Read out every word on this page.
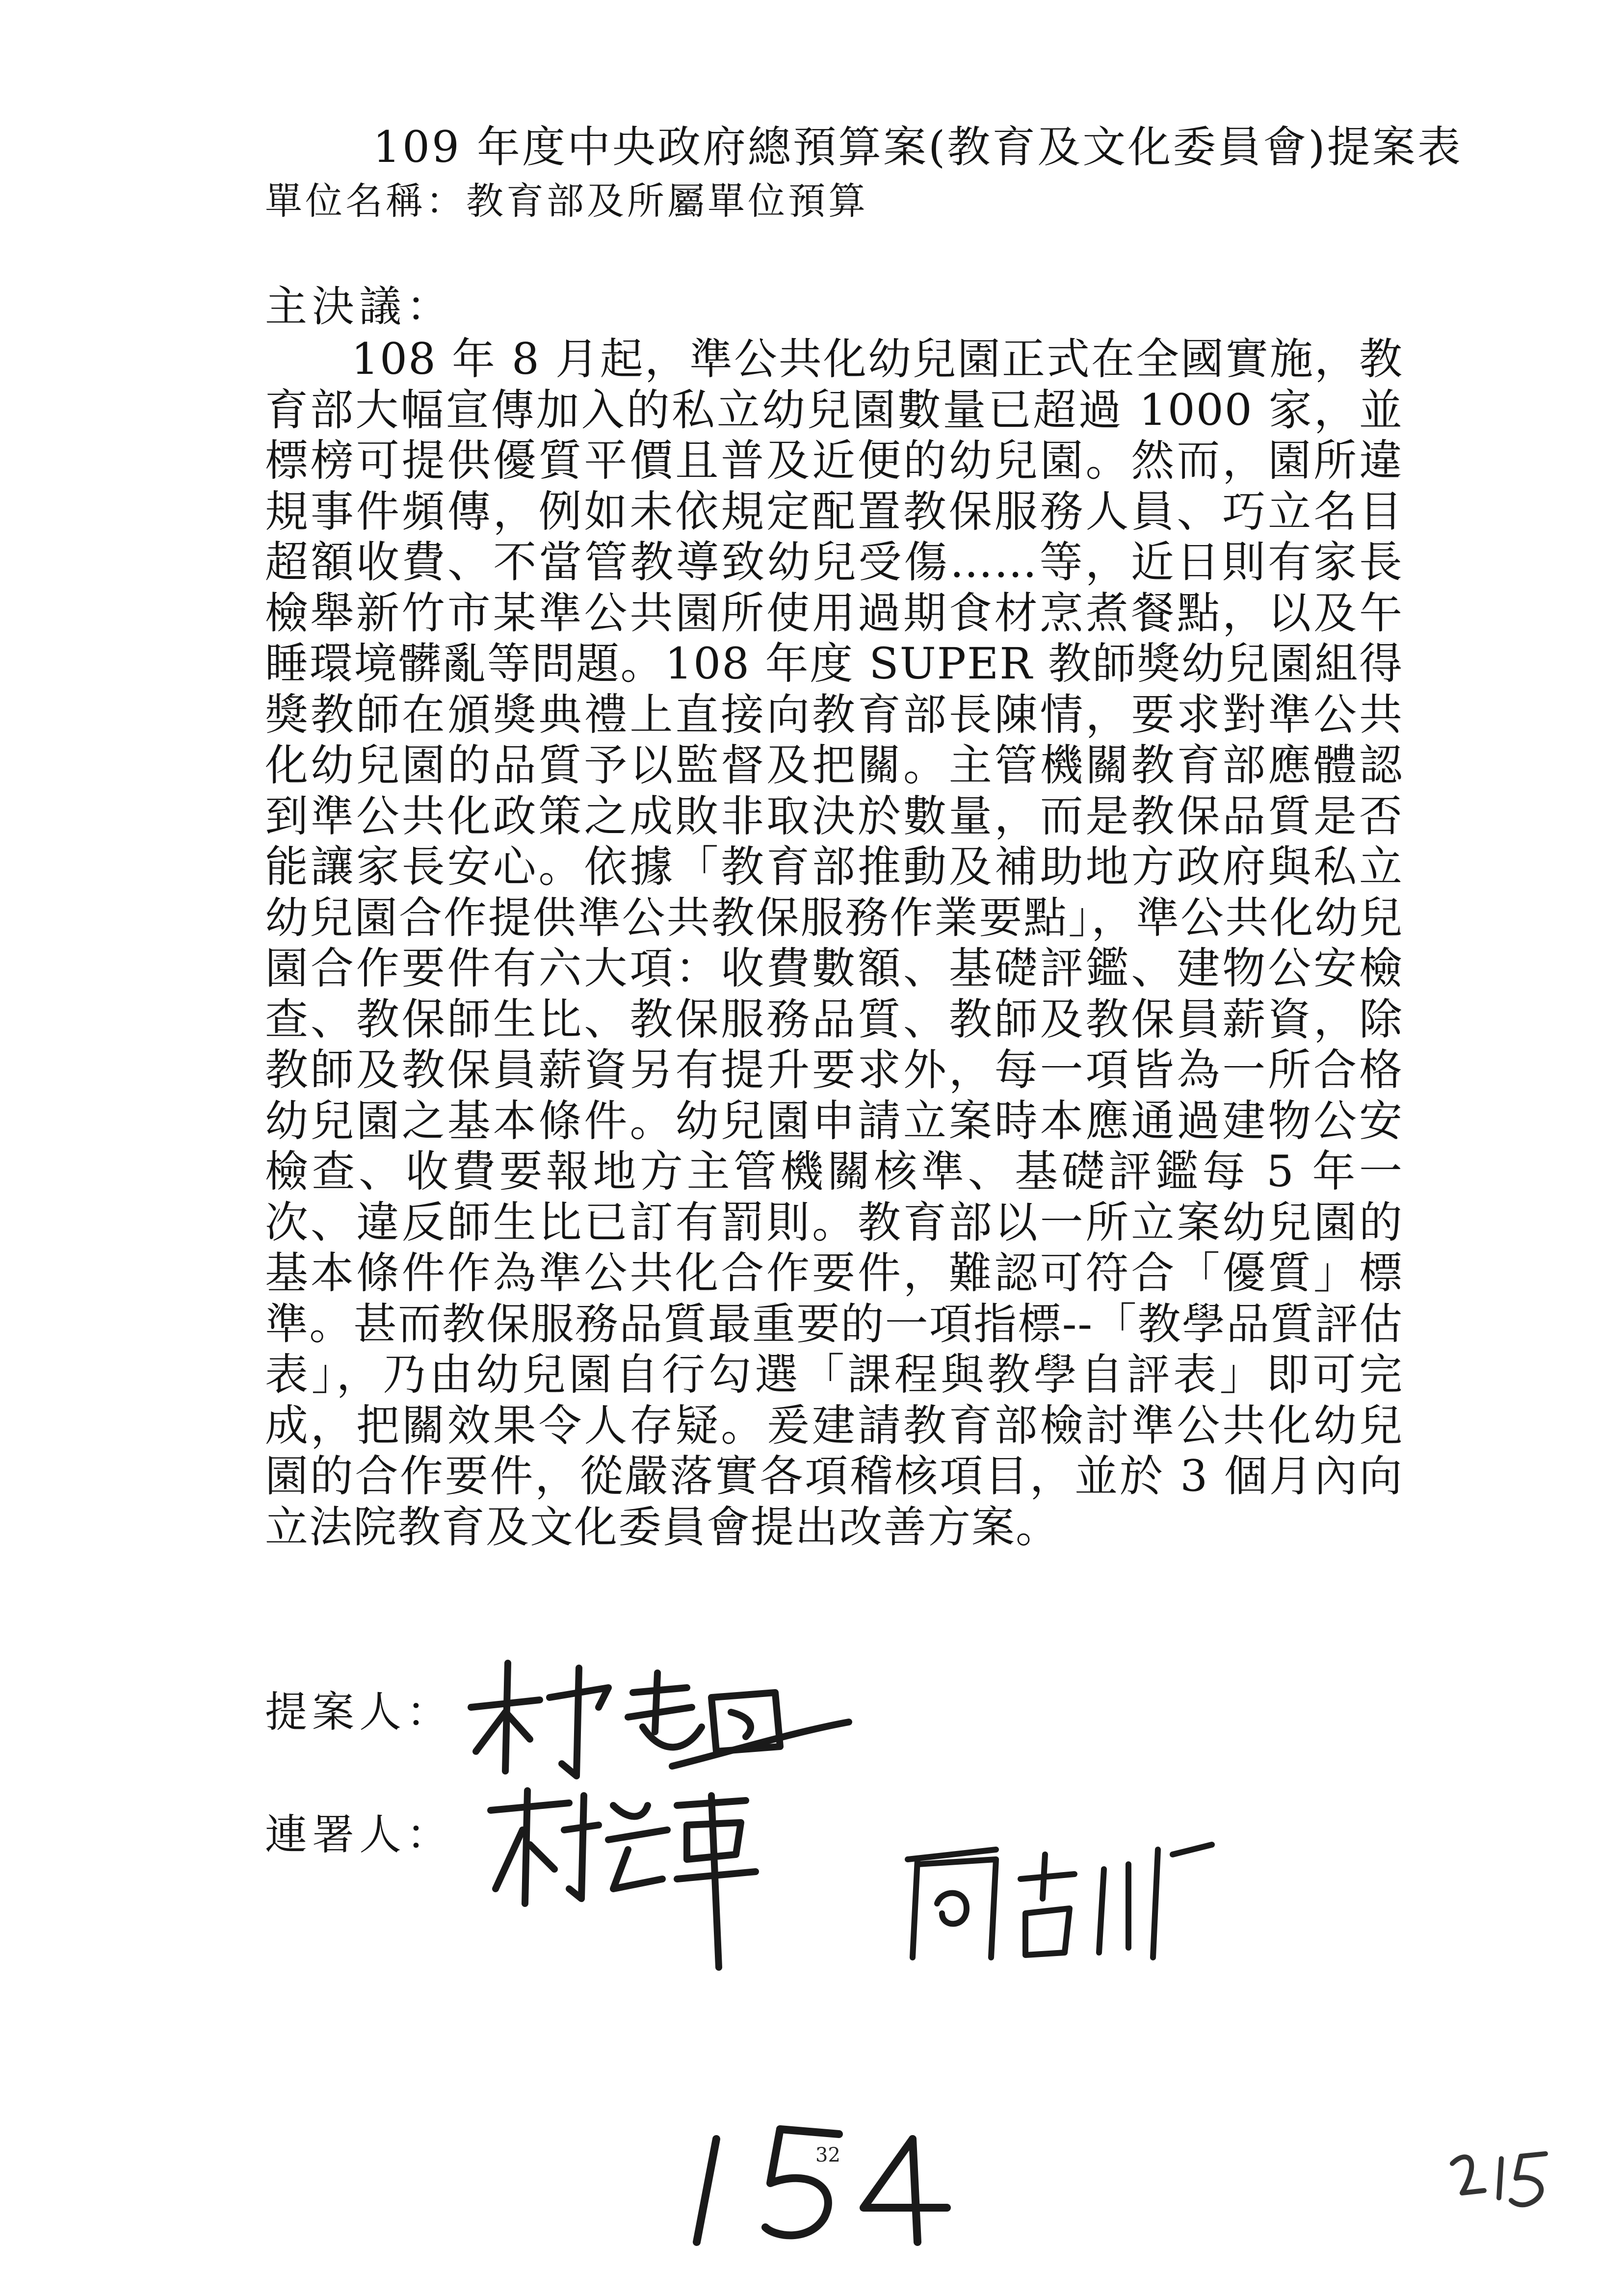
109 年度中央政府總預算案(教育及文化委員會)提案表
單位名稱：教育部及所屬單位預算
主決議：
108 年 8 月起，準公共化幼兒園正式在全國實施，教育部大幅宣傳加入的私立幼兒園數量已超過 1000 家，並標榜可提供優質平價且普及近便的幼兒園。然而，園所違規事件頻傳，例如未依規定配置教保服務人員、巧立名目超額收費、不當管教導致幼兒受傷……等，近日則有家長檢舉新竹市某準公共園所使用過期食材烹煮餐點，以及午睡環境髒亂等問題。108 年度 SUPER 教師獎幼兒園組得獎教師在頒獎典禮上直接向教育部長陳情，要求對準公共化幼兒園的品質予以監督及把關。主管機關教育部應體認到準公共化政策之成敗非取決於數量，而是教保品質是否能讓家長安心。依據「教育部推動及補助地方政府與私立幼兒園合作提供準公共教保服務作業要點」，準公共化幼兒園合作要件有六大項：收費數額、基礎評鑑、建物公安檢查、教保師生比、教保服務品質、教師及教保員薪資，除教師及教保員薪資另有提升要求外，每一項皆為一所合格幼兒園之基本條件。幼兒園申請立案時本應通過建物公安檢查、收費要報地方主管機關核準、基礎評鑑每 5 年一次、違反師生比已訂有罰則。教育部以一所立案幼兒園的基本條件作為準公共化合作要件，難認可符合「優質」標準。甚而教保服務品質最重要的一項指標--「教學品質評估表」，乃由幼兒園自行勾選「課程與教學自評表」即可完成，把關效果令人存疑。爰建請教育部檢討準公共化幼兒園的合作要件，從嚴落實各項稽核項目，並於 3 個月內向立法院教育及文化委員會提出改善方案。
提案人：
連署人：
32
